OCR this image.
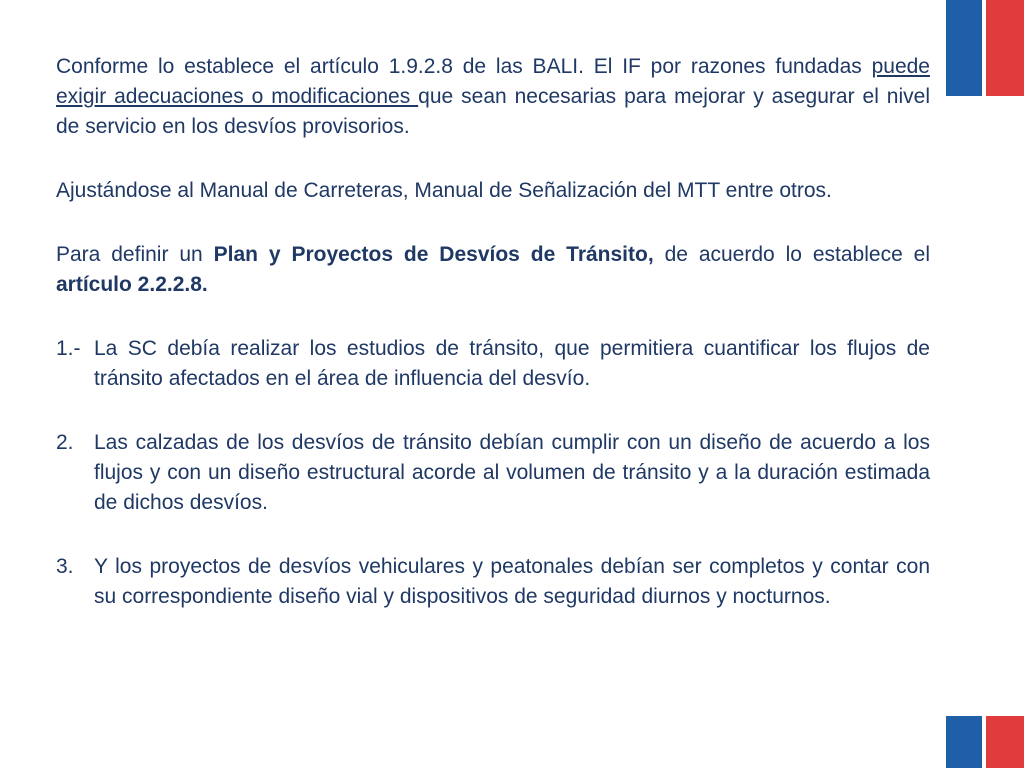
Conforme lo establece el artículo 1.9.2.8 de las BALI. El IF por razones fundadas puede exigir adecuaciones o modificaciones que sean necesarias para mejorar y asegurar el nivel de servicio en los desvíos provisorios.

Ajustándose al Manual de Carreteras, Manual de Señalización del MTT entre otros.

Para definir un Plan y Proyectos de Desvíos de Tránsito, de acuerdo lo establece el artículo 2.2.2.8.

1.- La SC debía realizar los estudios de tránsito, que permitiera cuantificar los flujos de tránsito afectados en el área de influencia del desvío.
2. Las calzadas de los desvíos de tránsito debían cumplir con un diseño de acuerdo a los flujos y con un diseño estructural acorde al volumen de tránsito y a la duración estimada de dichos desvíos.
3. Y los proyectos de desvíos vehiculares y peatonales debían ser completos y contar con su correspondiente diseño vial y dispositivos de seguridad diurnos y nocturnos.
